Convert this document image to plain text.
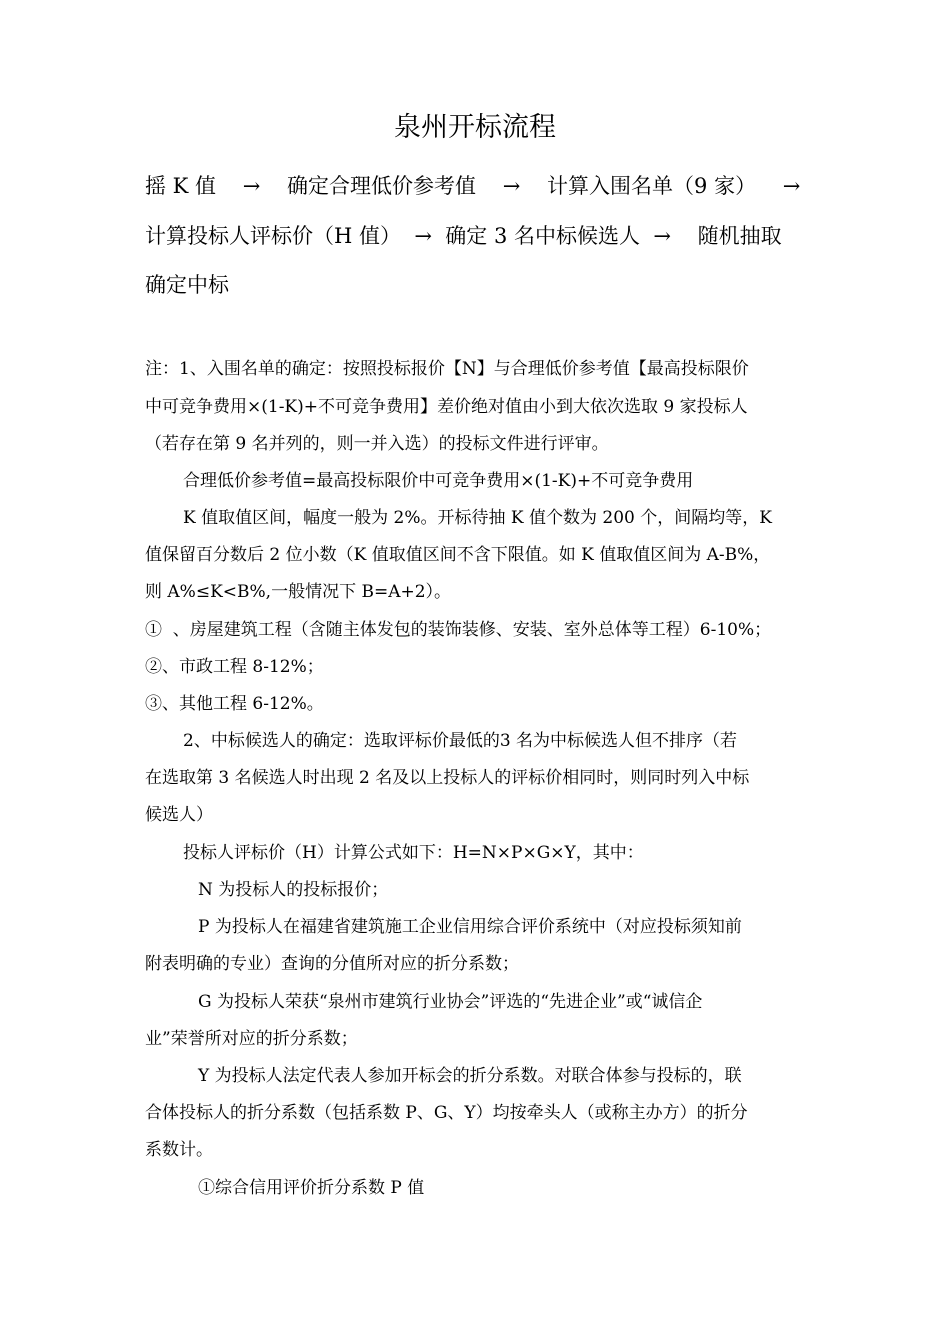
泉州开标流程
摇 K 值    →    确定合理低价参考值    →    计算入围名单（9 家）    →
计算投标人评标价（H 值）  →  确定 3 名中标候选人  →    随机抽取
确定中标
注：1、入围名单的确定：按照投标报价【N】与合理低价参考值【最高投标限价
中可竞争费用×(1-K)+不可竞争费用】差价绝对值由小到大依次选取 9 家投标人
（若存在第 9 名并列的，则一并入选）的投标文件进行评审。
合理低价参考值=最高投标限价中可竞争费用×(1-K)+不可竞争费用
K 值取值区间，幅度一般为 2%。开标待抽 K 值个数为 200 个，间隔均等，K
值保留百分数后 2 位小数（K 值取值区间不含下限值。如 K 值取值区间为 A-B%，
则 A%≤K<B%,一般情况下 B=A+2）。
①  、房屋建筑工程（含随主体发包的装饰装修、安装、室外总体等工程）6-10%；
②、市政工程 8-12%；
③、其他工程 6-12%。
2、中标候选人的确定：选取评标价最低的3 名为中标候选人但不排序（若
在选取第 3 名候选人时出现 2 名及以上投标人的评标价相同时，则同时列入中标
候选人）
投标人评标价（H）计算公式如下：H=N×P×G×Y，其中：
N 为投标人的投标报价；
P 为投标人在福建省建筑施工企业信用综合评价系统中（对应投标须知前
附表明确的专业）查询的分值所对应的折分系数；
G 为投标人荣获“泉州市建筑行业协会”评选的“先进企业”或“诚信企
业”荣誉所对应的折分系数；
Y 为投标人法定代表人参加开标会的折分系数。对联合体参与投标的，联
合体投标人的折分系数（包括系数 P、G、Y）均按牵头人（或称主办方）的折分
系数计。
①综合信用评价折分系数 P 值
